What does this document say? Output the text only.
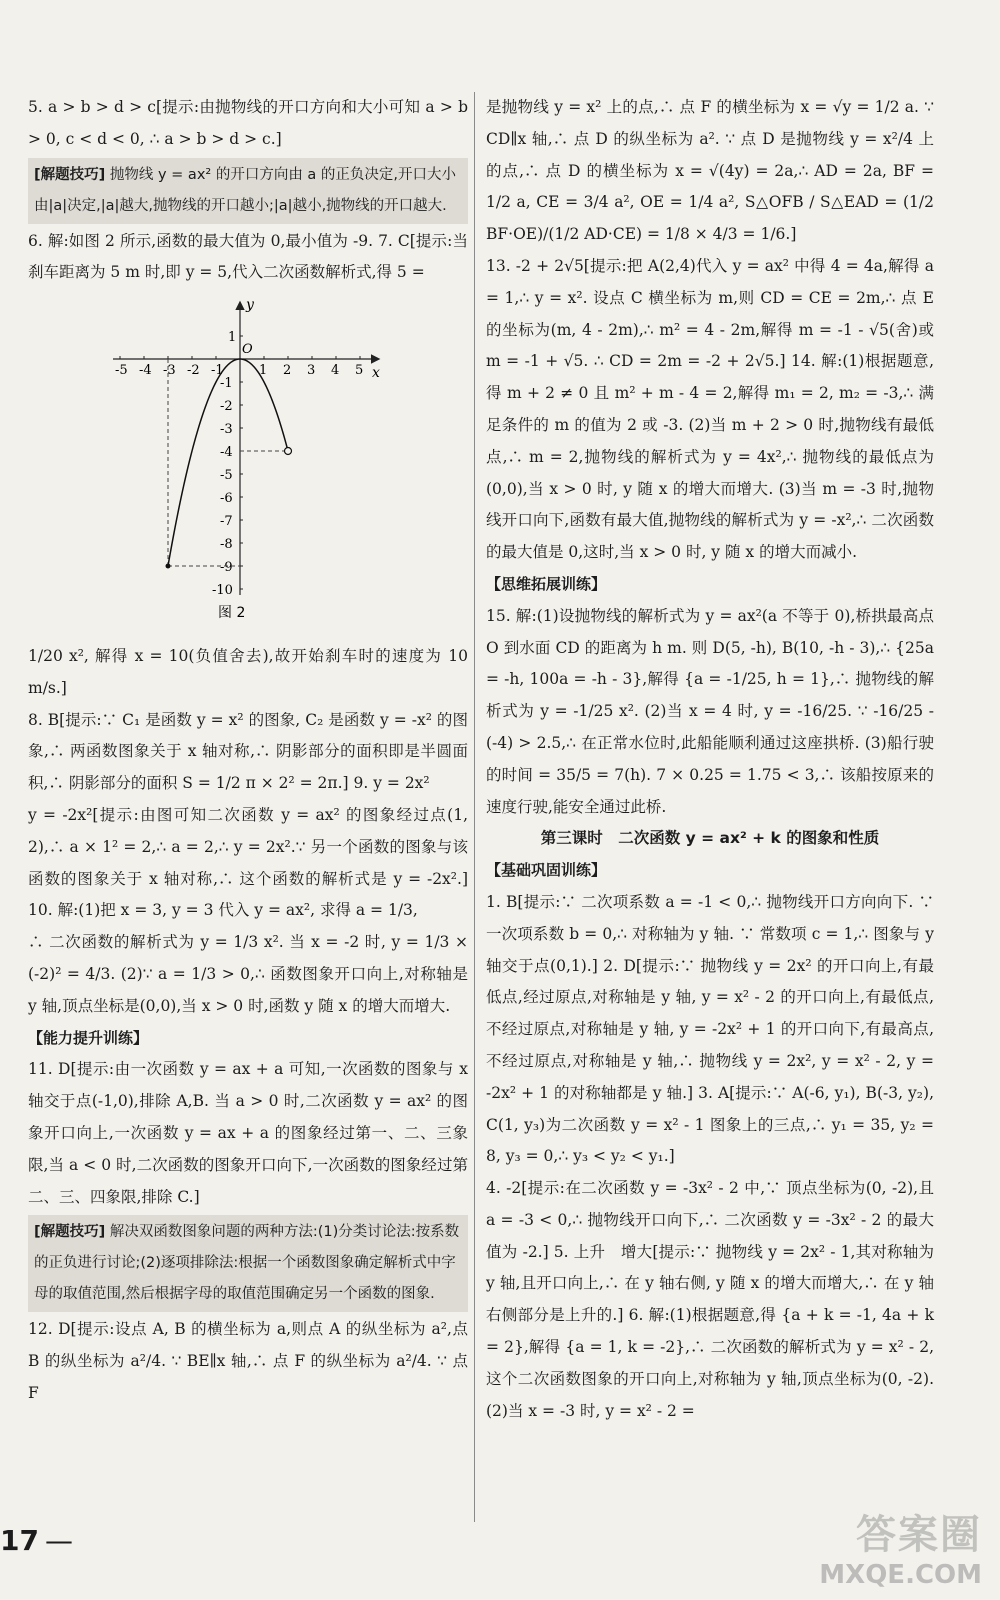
5. a > b > d > c[提示:由抛物线的开口方向和大小可知 a > b > 0, c < d < 0, ∴ a > b > d > c.]

[解题技巧] 抛物线 y = ax² 的开口方向由 a 的正负决定,开口大小由|a|决定,|a|越大,抛物线的开口越小;|a|越小,抛物线的开口越大.

6. 解:如图 2 所示,函数的最大值为 0,最小值为 -9. 7. C[提示:当刹车距离为 5 m 时,即 y = 5,代入二次函数解析式,得 5 =

x
y
O
-5 -4 -3 -2 -1	1 2 3 4 5
1
-1
-2
-3
-4
-5
-6
-7
-8
-9
-10
图 2

1/20 x², 解得 x = 10(负值舍去),故开始刹车时的速度为 10 m/s.]

8. B[提示:∵ C₁ 是函数 y = x² 的图象, C₂ 是函数 y = -x² 的图象,∴ 两函数图象关于 x 轴对称,∴ 阴影部分的面积即是半圆面积,∴ 阴影部分的面积 S = 1/2 π × 2² = 2π.] 9. y = 2x²

y = -2x²[提示:由图可知二次函数 y = ax² 的图象经过点(1, 2),∴ a × 1² = 2,∴ a = 2,∴ y = 2x².∵ 另一个函数的图象与该函数的图象关于 x 轴对称,∴ 这个函数的解析式是 y = -2x².] 10. 解:(1)把 x = 3, y = 3 代入 y = ax², 求得 a = 1/3,

∴ 二次函数的解析式为 y = 1/3 x². 当 x = -2 时, y = 1/3 × (-2)² = 4/3. (2)∵ a = 1/3 > 0,∴ 函数图象开口向上,对称轴是 y 轴,顶点坐标是(0,0),当 x > 0 时,函数 y 随 x 的增大而增大.

【能力提升训练】

11. D[提示:由一次函数 y = ax + a 可知,一次函数的图象与 x 轴交于点(-1,0),排除 A,B. 当 a > 0 时,二次函数 y = ax² 的图象开口向上,一次函数 y = ax + a 的图象经过第一、二、三象限,当 a < 0 时,二次函数的图象开口向下,一次函数的图象经过第二、三、四象限,排除 C.]

[解题技巧] 解决双函数图象问题的两种方法:(1)分类讨论法:按系数的正负进行讨论;(2)逐项排除法:根据一个函数图象确定解析式中字母的取值范围,然后根据字母的取值范围确定另一个函数的图象.

12. D[提示:设点 A, B 的横坐标为 a,则点 A 的纵坐标为 a²,点 B 的纵坐标为 a²/4. ∵ BE∥x 轴,∴ 点 F 的纵坐标为 a²/4. ∵ 点 F

是抛物线 y = x² 上的点,∴ 点 F 的横坐标为 x = √y = 1/2 a. ∵ CD∥x 轴,∴ 点 D 的纵坐标为 a². ∵ 点 D 是抛物线 y = x²/4 上的点,∴ 点 D 的横坐标为 x = √(4y) = 2a,∴ AD = 2a, BF = 1/2 a, CE = 3/4 a², OE = 1/4 a², S△OFB / S△EAD = (1/2 BF·OE)/(1/2 AD·CE) = 1/8 × 4/3 = 1/6.]

13. -2 + 2√5[提示:把 A(2,4)代入 y = ax² 中得 4 = 4a,解得 a = 1,∴ y = x². 设点 C 横坐标为 m,则 CD = CE = 2m,∴ 点 E 的坐标为(m, 4 - 2m),∴ m² = 4 - 2m,解得 m = -1 - √5(舍)或 m = -1 + √5. ∴ CD = 2m = -2 + 2√5.] 14. 解:(1)根据题意,得 m + 2 ≠ 0 且 m² + m - 4 = 2,解得 m₁ = 2, m₂ = -3,∴ 满足条件的 m 的值为 2 或 -3. (2)当 m + 2 > 0 时,抛物线有最低点,∴ m = 2,抛物线的解析式为 y = 4x²,∴ 抛物线的最低点为(0,0),当 x > 0 时, y 随 x 的增大而增大. (3)当 m = -3 时,抛物线开口向下,函数有最大值,抛物线的解析式为 y = -x²,∴ 二次函数的最大值是 0,这时,当 x > 0 时, y 随 x 的增大而减小.

【思维拓展训练】

15. 解:(1)设抛物线的解析式为 y = ax²(a 不等于 0),桥拱最高点 O 到水面 CD 的距离为 h m. 则 D(5, -h), B(10, -h - 3),∴ {25a = -h, 100a = -h - 3},解得 {a = -1/25, h = 1},∴ 抛物线的解析式为 y = -1/25 x². (2)当 x = 4 时, y = -16/25. ∵ -16/25 - (-4) > 2.5,∴ 在正常水位时,此船能顺利通过这座拱桥. (3)船行驶的时间 = 35/5 = 7(h). 7 × 0.25 = 1.75 < 3,∴ 该船按原来的速度行驶,能安全通过此桥.

第三课时　二次函数 y = ax² + k 的图象和性质
【基础巩固训练】

1. B[提示:∵ 二次项系数 a = -1 < 0,∴ 抛物线开口方向向下. ∵ 一次项系数 b = 0,∴ 对称轴为 y 轴. ∵ 常数项 c = 1,∴ 图象与 y 轴交于点(0,1).] 2. D[提示:∵ 抛物线 y = 2x² 的开口向上,有最低点,经过原点,对称轴是 y 轴, y = x² - 2 的开口向上,有最低点,不经过原点,对称轴是 y 轴, y = -2x² + 1 的开口向下,有最高点,不经过原点,对称轴是 y 轴,∴ 抛物线 y = 2x², y = x² - 2, y = -2x² + 1 的对称轴都是 y 轴.] 3. A[提示:∵ A(-6, y₁), B(-3, y₂), C(1, y₃)为二次函数 y = x² - 1 图象上的三点,∴ y₁ = 35, y₂ = 8, y₃ = 0,∴ y₃ < y₂ < y₁.]

4. -2[提示:在二次函数 y = -3x² - 2 中,∵ 顶点坐标为(0, -2),且 a = -3 < 0,∴ 抛物线开口向下,∴ 二次函数 y = -3x² - 2 的最大值为 -2.] 5. 上升　增大[提示:∵ 抛物线 y = 2x² - 1,其对称轴为 y 轴,且开口向上,∴ 在 y 轴右侧, y 随 x 的增大而增大,∴ 在 y 轴右侧部分是上升的.] 6. 解:(1)根据题意,得 {a + k = -1, 4a + k = 2},解得 {a = 1, k = -2},∴ 二次函数的解析式为 y = x² - 2,这个二次函数图象的开口向上,对称轴为 y 轴,顶点坐标为(0, -2). (2)当 x = -3 时, y = x² - 2 =

17 —	答案圈
MXQE.COM
